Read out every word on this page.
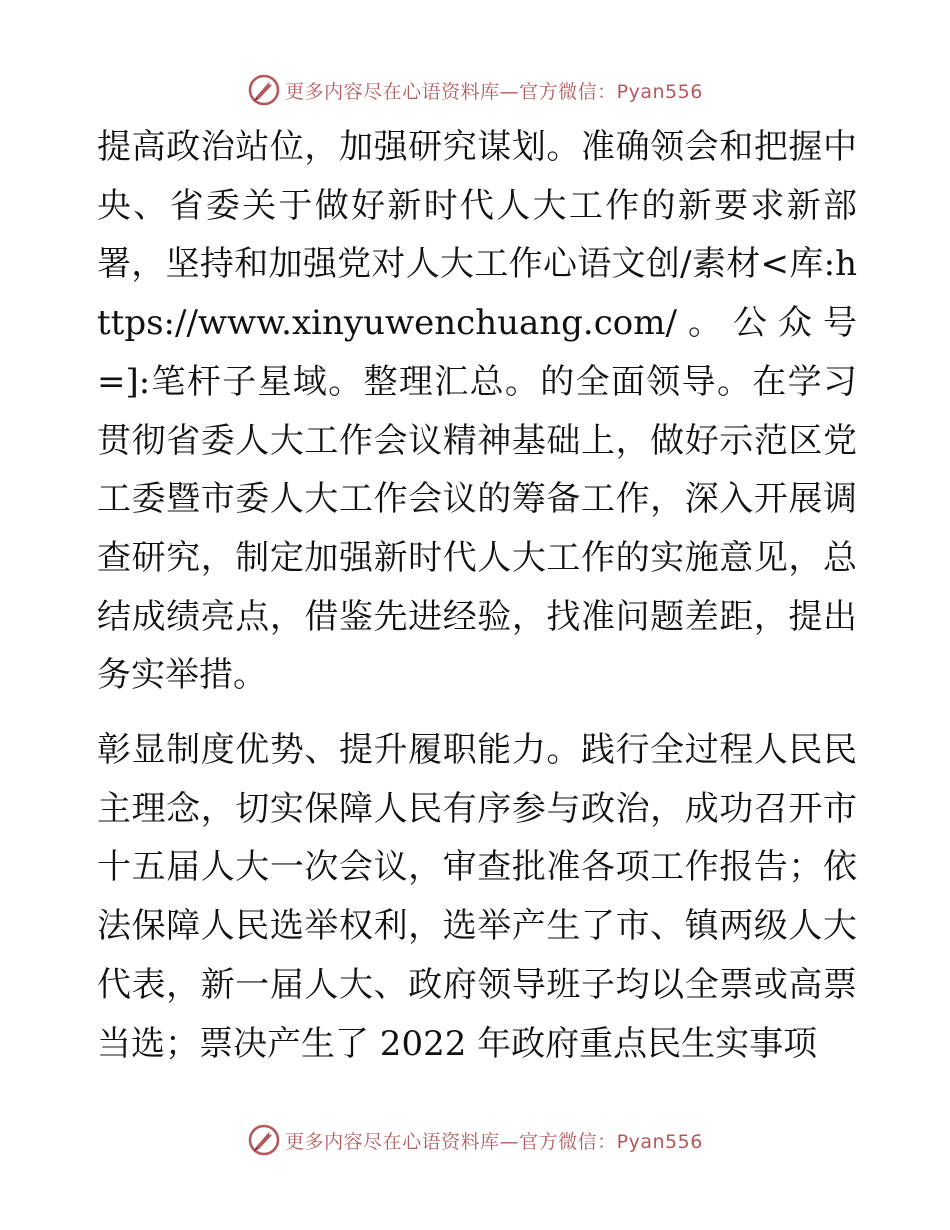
更多内容尽在心语资料库—官方微信：Pyan556

提高政治站位，加强研究谋划。准确领会和把握中央、省委关于做好新时代人大工作的新要求新部署，坚持和加强党对人大工作心语文创/素材<库:https://www.xinyuwenchuang.com/。公众号=]:笔杆子星域。整理汇总。的全面领导。在学习贯彻省委人大工作会议精神基础上，做好示范区党工委暨市委人大工作会议的筹备工作，深入开展调查研究，制定加强新时代人大工作的实施意见，总结成绩亮点，借鉴先进经验，找准问题差距，提出务实举措。

彰显制度优势、提升履职能力。践行全过程人民民主理念，切实保障人民有序参与政治，成功召开市十五届人大一次会议，审查批准各项工作报告；依法保障人民选举权利，选举产生了市、镇两级人大代表，新一届人大、政府领导班子均以全票或高票当选；票决产生了 2022 年政府重点民生实事项

更多内容尽在心语资料库—官方微信：Pyan556
